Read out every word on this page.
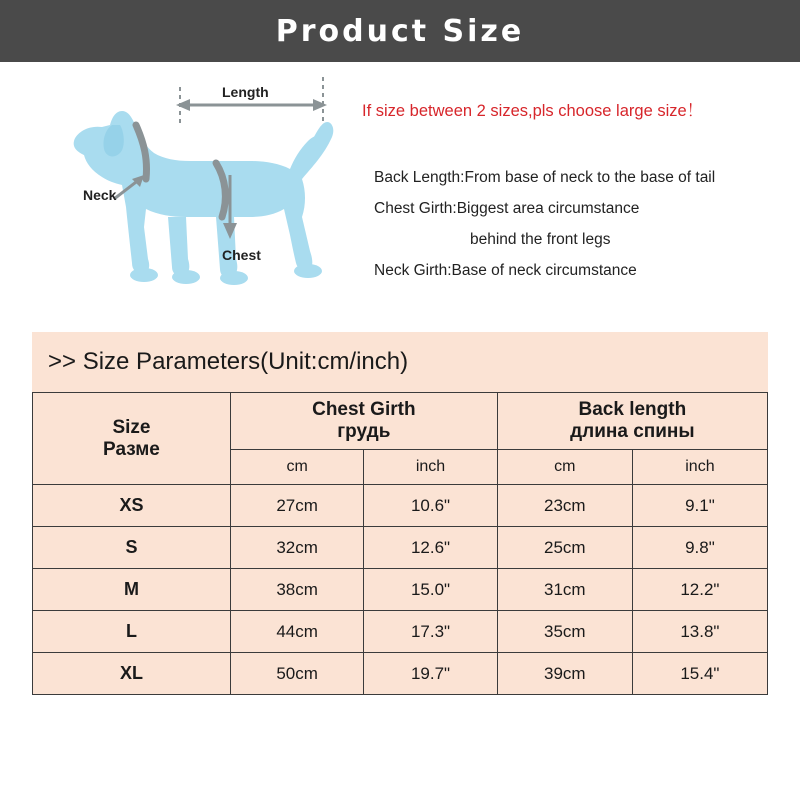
Product Size
Length
Neck
Chest
If size between 2 sizes,pls choose large size！
Back Length:From base of neck to the base of tail
Chest Girth:Biggest area circumstance
behind the front legs
Neck Girth:Base of neck circumstance
>> Size Parameters(Unit:cm/inch)
Size
Разме

Chest Girth
грудь

Back length
длина спины

	cm	inch	cm	inch
XS	27cm	10.6"	23cm	9.1"
S	32cm	12.6"	25cm	9.8"
M	38cm	15.0"	31cm	12.2"
L	44cm	17.3"	35cm	13.8"
XL	50cm	19.7"	39cm	15.4"
